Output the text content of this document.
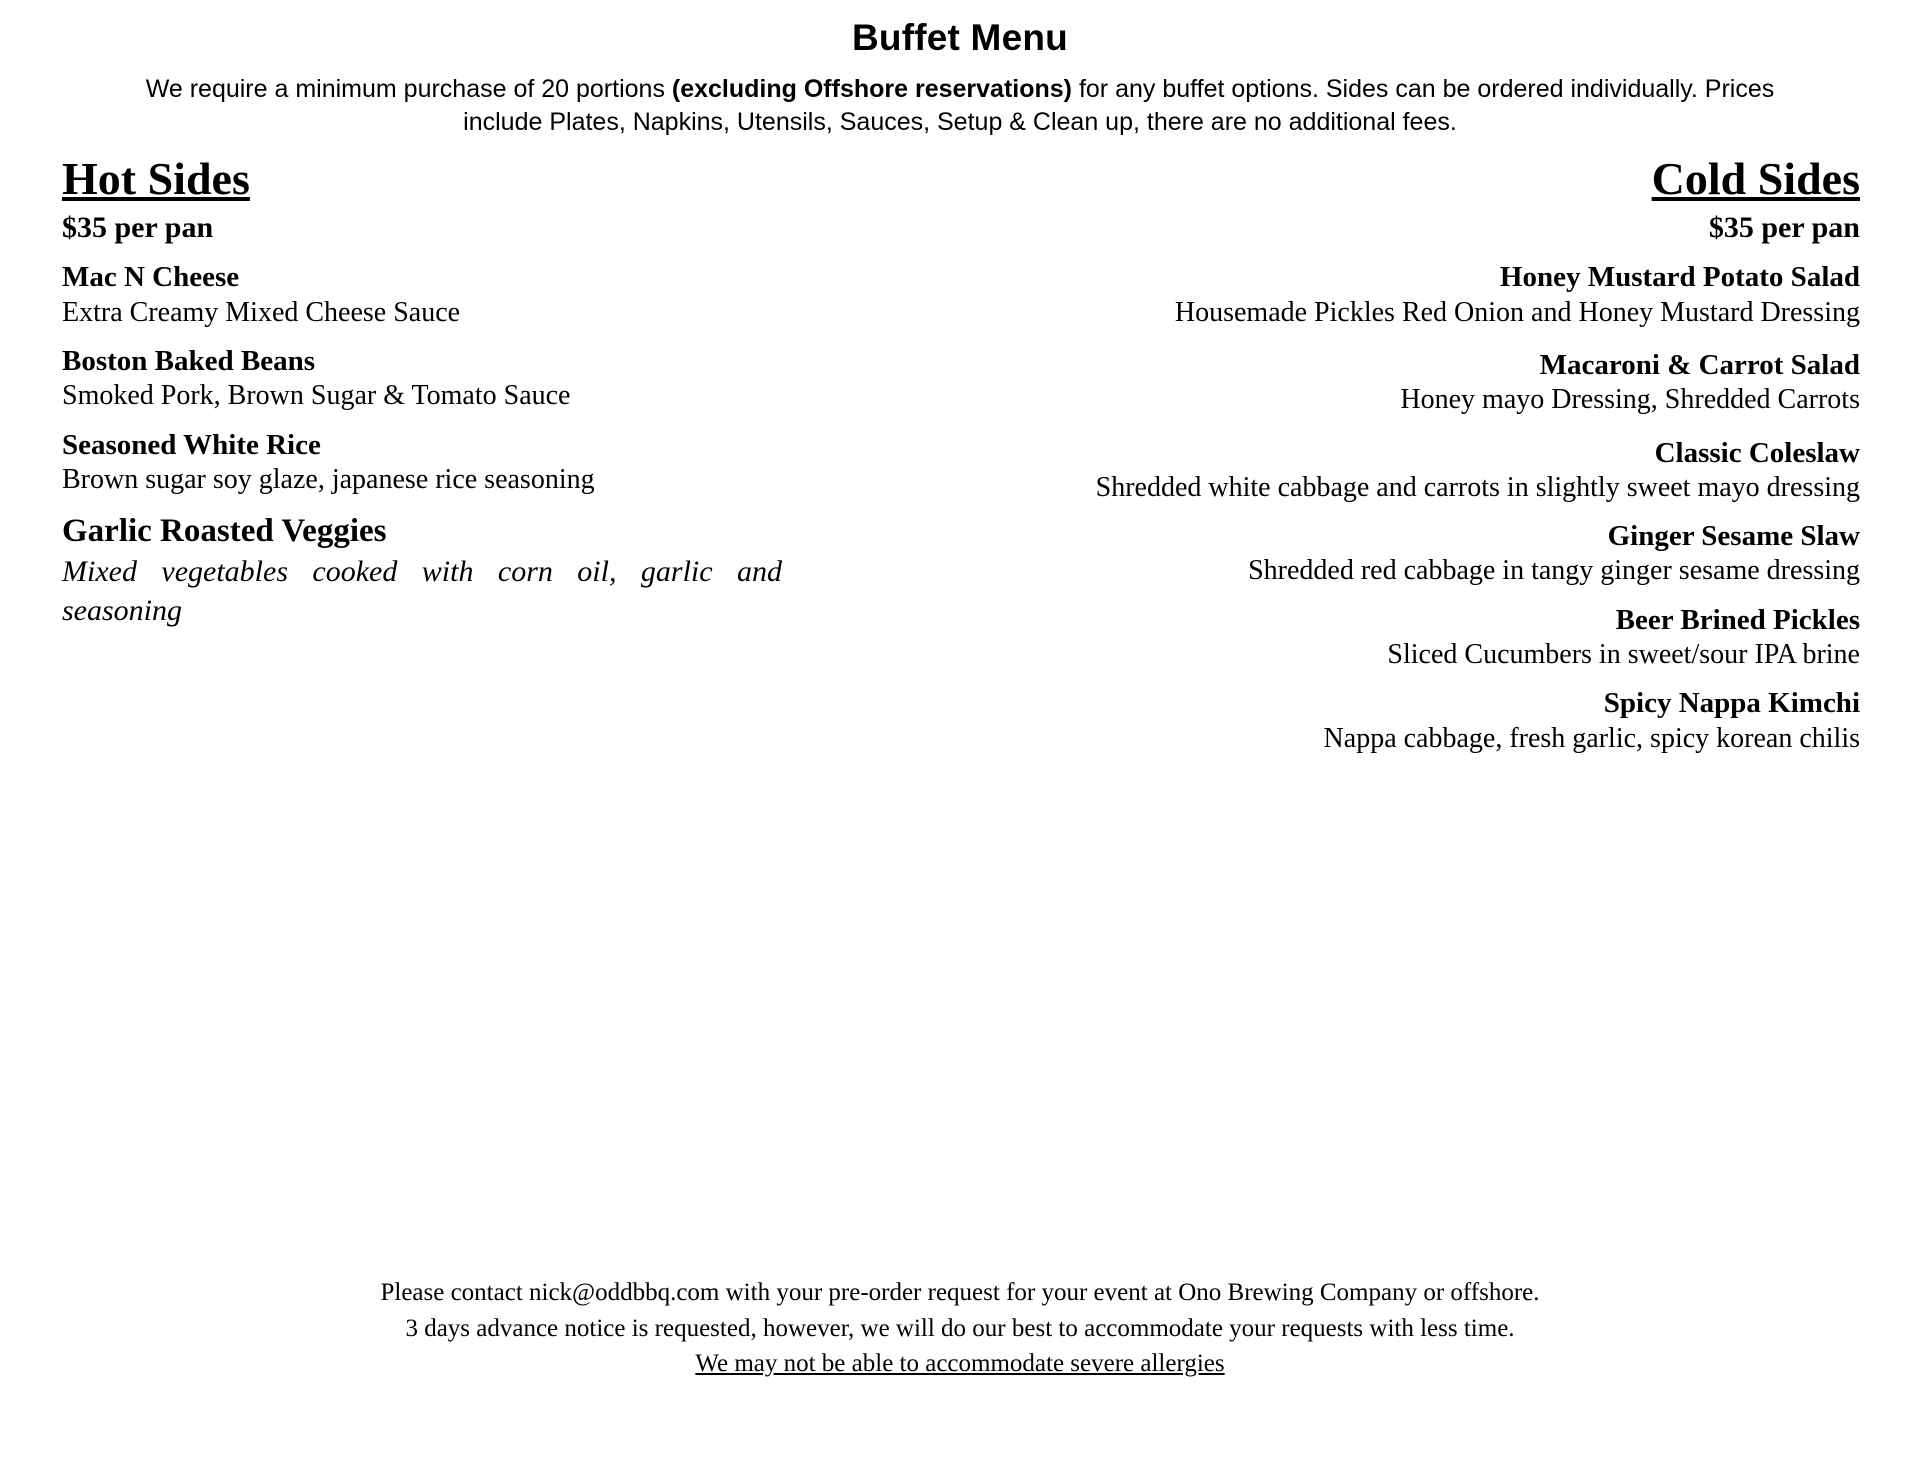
Buffet Menu
We require a minimum purchase of 20 portions (excluding Offshore reservations) for any buffet options. Sides can be ordered individually. Prices include Plates, Napkins, Utensils, Sauces, Setup & Clean up, there are no additional fees.
Hot Sides
$35 per pan
Mac N Cheese
Extra Creamy Mixed Cheese Sauce
Boston Baked Beans
Smoked Pork, Brown Sugar & Tomato Sauce
Seasoned White Rice
Brown sugar soy glaze, japanese rice seasoning
Garlic Roasted Veggies
Mixed vegetables cooked with corn oil, garlic and seasoning
Cold Sides
$35 per pan
Honey Mustard Potato Salad
Housemade Pickles Red Onion and Honey Mustard Dressing
Macaroni & Carrot Salad
Honey mayo Dressing, Shredded Carrots
Classic Coleslaw
Shredded white cabbage and carrots in slightly sweet mayo dressing
Ginger Sesame Slaw
Shredded red cabbage in tangy ginger sesame dressing
Beer Brined Pickles
Sliced Cucumbers in sweet/sour IPA brine
Spicy Nappa Kimchi
Nappa cabbage, fresh garlic, spicy korean chilis
Please contact nick@oddbbq.com with your pre-order request for your event at Ono Brewing Company or offshore.
3 days advance notice is requested, however, we will do our best to accommodate your requests with less time.
We may not be able to accommodate severe allergies
